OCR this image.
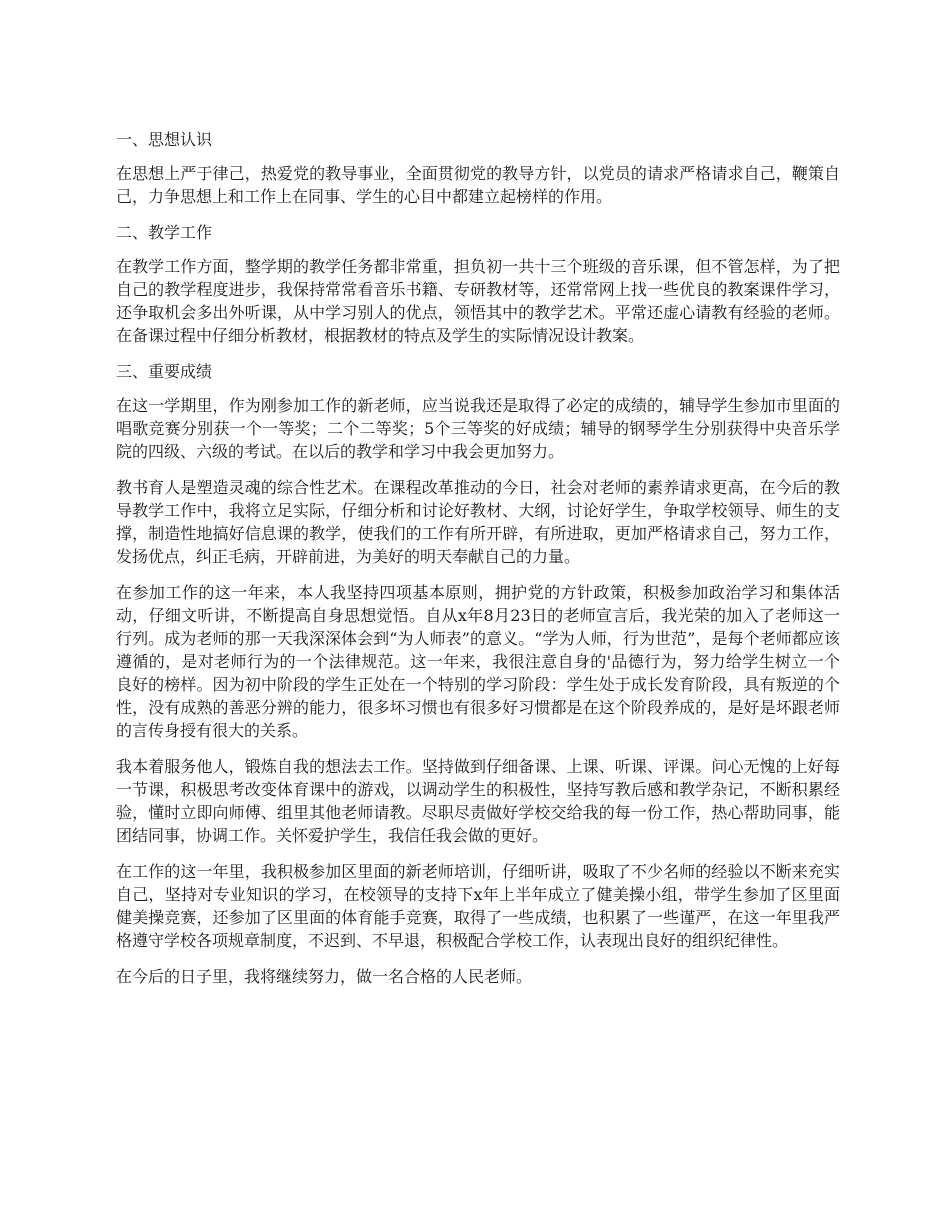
一、思想认识

在思想上严于律己，热爱党的教导事业，全面贯彻党的教导方针，以党员的请求严格请求自己，鞭策自己，力争思想上和工作上在同事、学生的心目中都建立起榜样的作用。

二、教学工作

在教学工作方面，整学期的教学任务都非常重，担负初一共十三个班级的音乐课，但不管怎样，为了把自己的教学程度进步，我保持常常看音乐书籍、专研教材等，还常常网上找一些优良的教案课件学习，还争取机会多出外听课，从中学习别人的优点，领悟其中的教学艺术。平常还虚心请教有经验的老师。在备课过程中仔细分析教材，根据教材的特点及学生的实际情况设计教案。

三、重要成绩

在这一学期里，作为刚参加工作的新老师，应当说我还是取得了必定的成绩的，辅导学生参加市里面的唱歌竞赛分别获一个一等奖；二个二等奖；5个三等奖的好成绩；辅导的钢琴学生分别获得中央音乐学院的四级、六级的考试。在以后的教学和学习中我会更加努力。

教书育人是塑造灵魂的综合性艺术。在课程改革推动的今日，社会对老师的素养请求更高，在今后的教导教学工作中，我将立足实际，仔细分析和讨论好教材、大纲，讨论好学生，争取学校领导、师生的支撑，制造性地搞好信息课的教学，使我们的工作有所开辟，有所进取，更加严格请求自己，努力工作，发扬优点，纠正毛病，开辟前进，为美好的明天奉献自己的力量。

在参加工作的这一年来，本人我坚持四项基本原则，拥护党的方针政策，积极参加政治学习和集体活动，仔细文听讲，不断提高自身思想觉悟。自从x年8月23日的老师宣言后，我光荣的加入了老师这一行列。成为老师的那一天我深深体会到“为人师表”的意义。“学为人师，行为世范”，是每个老师都应该遵循的，是对老师行为的一个法律规范。这一年来，我很注意自身的'品德行为，努力给学生树立一个良好的榜样。因为初中阶段的学生正处在一个特别的学习阶段：学生处于成长发育阶段，具有叛逆的个性，没有成熟的善恶分辨的能力，很多坏习惯也有很多好习惯都是在这个阶段养成的，是好是坏跟老师的言传身授有很大的关系。

我本着服务他人，锻炼自我的想法去工作。坚持做到仔细备课、上课、听课、评课。问心无愧的上好每一节课，积极思考改变体育课中的游戏，以调动学生的积极性，坚持写教后感和教学杂记，不断积累经验，懂时立即向师傅、组里其他老师请教。尽职尽责做好学校交给我的每一份工作，热心帮助同事，能团结同事，协调工作。关怀爱护学生，我信任我会做的更好。

在工作的这一年里，我积极参加区里面的新老师培训，仔细听讲，吸取了不少名师的经验以不断来充实自己，坚持对专业知识的学习，在校领导的支持下x年上半年成立了健美操小组，带学生参加了区里面健美操竞赛，还参加了区里面的体育能手竞赛，取得了一些成绩，也积累了一些谨严，在这一年里我严格遵守学校各项规章制度，不迟到、不早退，积极配合学校工作，认表现出良好的组织纪律性。

在今后的日子里，我将继续努力，做一名合格的人民老师。
